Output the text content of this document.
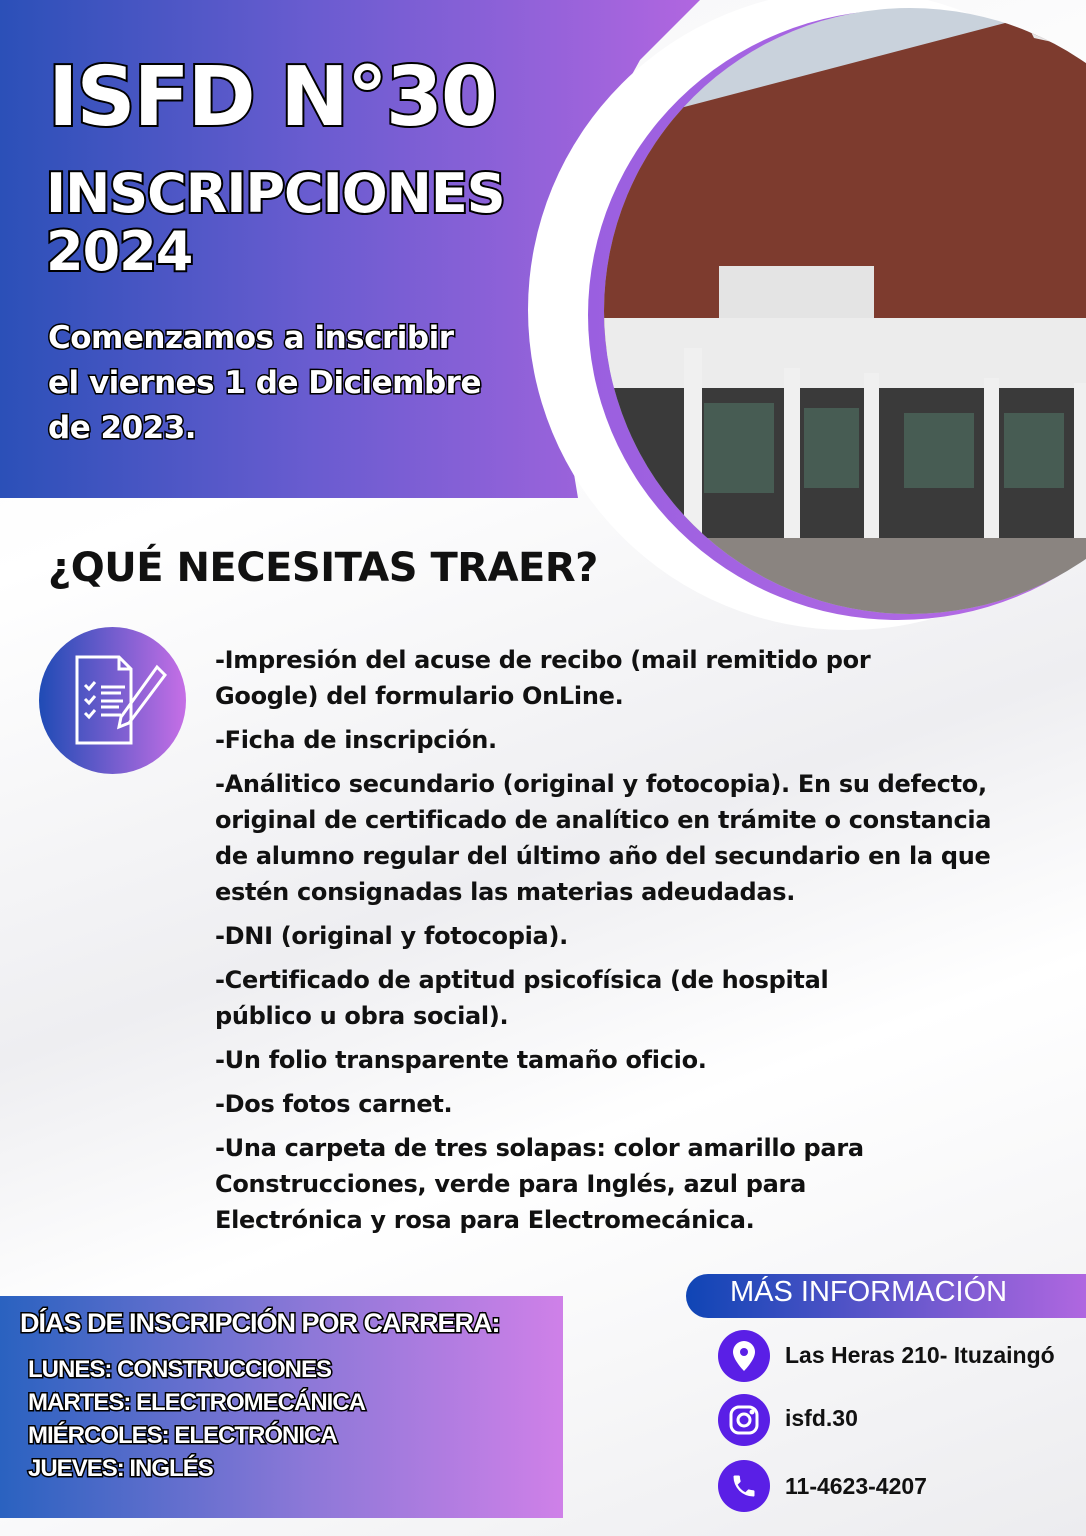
ISFD N°30
INSCRIPCIONES
2024
Comenzamos a inscribir
el viernes 1 de Diciembre
de 2023.
¿QUÉ NECESITAS TRAER?

-Impresión del acuse de recibo (mail remitido por Google) del formulario OnLine.

-Ficha de inscripción.

-Análitico secundario (original y fotocopia). En su defecto, original de certificado de analítico en trámite o constancia de alumno regular del último año del secundario en la que estén consignadas las materias adeudadas.

-DNI (original y fotocopia).

-Certificado de aptitud psicofísica (de hospital público u obra social).

-Un folio transparente tamaño oficio.

-Dos fotos carnet.

-Una carpeta de tres solapas: color amarillo para Construcciones, verde para Inglés, azul para Electrónica y rosa para Electromecánica.

DÍAS DE INSCRIPCIÓN POR CARRERA:
LUNES: CONSTRUCCIONES
MARTES: ELECTROMECÁNICA
MIÉRCOLES: ELECTRÓNICA
JUEVES: INGLÉS
MÁS INFORMACIÓN
Las Heras 210- Ituzaingó
isfd.30
11-4623-4207
